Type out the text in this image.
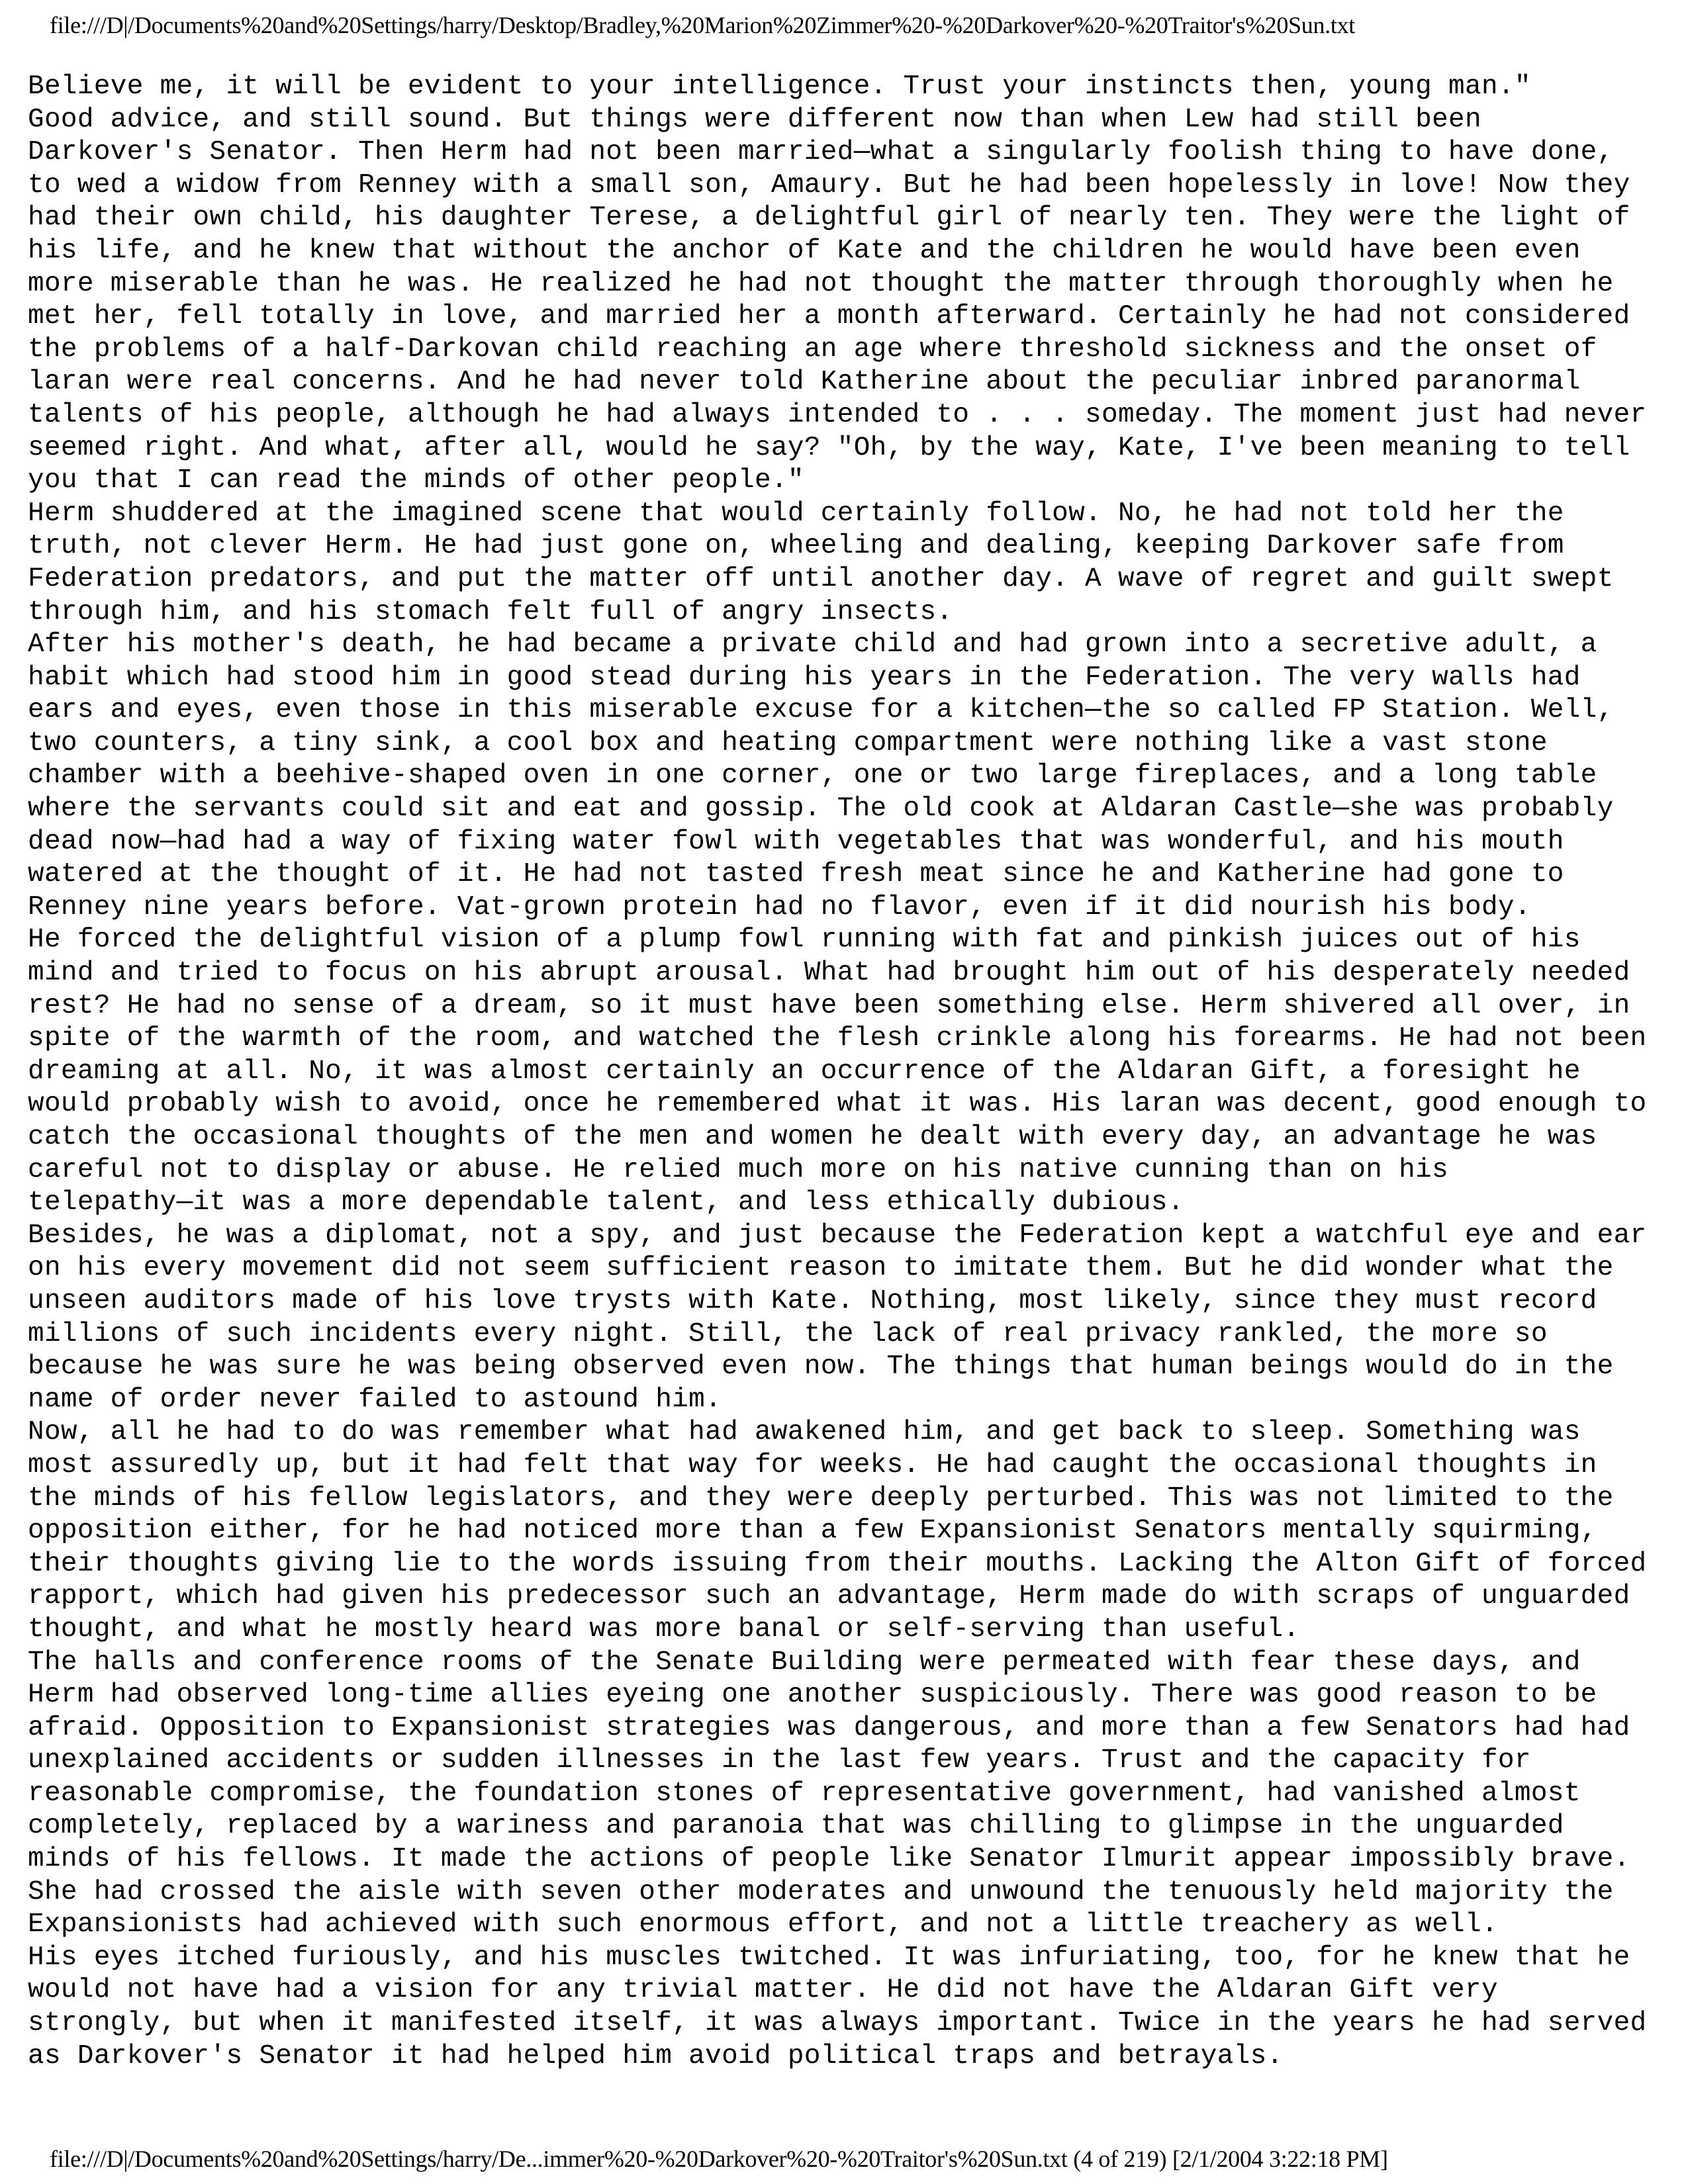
file:///D|/Documents%20and%20Settings/harry/Desktop/Bradley,%20Marion%20Zimmer%20-%20Darkover%20-%20Traitor's%20Sun.txt
Believe me, it will be evident to your intelligence. Trust your instincts then, young man."
Good advice, and still sound. But things were different now than when Lew had still been
Darkover's Senator. Then Herm had not been married—what a singularly foolish thing to have done,
to wed a widow from Renney with a small son, Amaury. But he had been hopelessly in love! Now they
had their own child, his daughter Terese, a delightful girl of nearly ten. They were the light of
his life, and he knew that without the anchor of Kate and the children he would have been even
more miserable than he was. He realized he had not thought the matter through thoroughly when he
met her, fell totally in love, and married her a month afterward. Certainly he had not considered
the problems of a half-Darkovan child reaching an age where threshold sickness and the onset of
laran were real concerns. And he had never told Katherine about the peculiar inbred paranormal
talents of his people, although he had always intended to . . . someday. The moment just had never
seemed right. And what, after all, would he say? "Oh, by the way, Kate, I've been meaning to tell
you that I can read the minds of other people."
Herm shuddered at the imagined scene that would certainly follow. No, he had not told her the
truth, not clever Herm. He had just gone on, wheeling and dealing, keeping Darkover safe from
Federation predators, and put the matter off until another day. A wave of regret and guilt swept
through him, and his stomach felt full of angry insects.
After his mother's death, he had became a private child and had grown into a secretive adult, a
habit which had stood him in good stead during his years in the Federation. The very walls had
ears and eyes, even those in this miserable excuse for a kitchen—the so called FP Station. Well,
two counters, a tiny sink, a cool box and heating compartment were nothing like a vast stone
chamber with a beehive-shaped oven in one corner, one or two large fireplaces, and a long table
where the servants could sit and eat and gossip. The old cook at Aldaran Castle—she was probably
dead now—had had a way of fixing water fowl with vegetables that was wonderful, and his mouth
watered at the thought of it. He had not tasted fresh meat since he and Katherine had gone to
Renney nine years before. Vat-grown protein had no flavor, even if it did nourish his body.
He forced the delightful vision of a plump fowl running with fat and pinkish juices out of his
mind and tried to focus on his abrupt arousal. What had brought him out of his desperately needed
rest? He had no sense of a dream, so it must have been something else. Herm shivered all over, in
spite of the warmth of the room, and watched the flesh crinkle along his forearms. He had not been
dreaming at all. No, it was almost certainly an occurrence of the Aldaran Gift, a foresight he
would probably wish to avoid, once he remembered what it was. His laran was decent, good enough to
catch the occasional thoughts of the men and women he dealt with every day, an advantage he was
careful not to display or abuse. He relied much more on his native cunning than on his
telepathy—it was a more dependable talent, and less ethically dubious.
Besides, he was a diplomat, not a spy, and just because the Federation kept a watchful eye and ear
on his every movement did not seem sufficient reason to imitate them. But he did wonder what the
unseen auditors made of his love trysts with Kate. Nothing, most likely, since they must record
millions of such incidents every night. Still, the lack of real privacy rankled, the more so
because he was sure he was being observed even now. The things that human beings would do in the
name of order never failed to astound him.
Now, all he had to do was remember what had awakened him, and get back to sleep. Something was
most assuredly up, but it had felt that way for weeks. He had caught the occasional thoughts in
the minds of his fellow legislators, and they were deeply perturbed. This was not limited to the
opposition either, for he had noticed more than a few Expansionist Senators mentally squirming,
their thoughts giving lie to the words issuing from their mouths. Lacking the Alton Gift of forced
rapport, which had given his predecessor such an advantage, Herm made do with scraps of unguarded
thought, and what he mostly heard was more banal or self-serving than useful.
The halls and conference rooms of the Senate Building were permeated with fear these days, and
Herm had observed long-time allies eyeing one another suspiciously. There was good reason to be
afraid. Opposition to Expansionist strategies was dangerous, and more than a few Senators had had
unexplained accidents or sudden illnesses in the last few years. Trust and the capacity for
reasonable compromise, the foundation stones of representative government, had vanished almost
completely, replaced by a wariness and paranoia that was chilling to glimpse in the unguarded
minds of his fellows. It made the actions of people like Senator Ilmurit appear impossibly brave.
She had crossed the aisle with seven other moderates and unwound the tenuously held majority the
Expansionists had achieved with such enormous effort, and not a little treachery as well.
His eyes itched furiously, and his muscles twitched. It was infuriating, too, for he knew that he
would not have had a vision for any trivial matter. He did not have the Aldaran Gift very
strongly, but when it manifested itself, it was always important. Twice in the years he had served
as Darkover's Senator it had helped him avoid political traps and betrayals.
file:///D|/Documents%20and%20Settings/harry/De...immer%20-%20Darkover%20-%20Traitor's%20Sun.txt (4 of 219) [2/1/2004 3:22:18 PM]
